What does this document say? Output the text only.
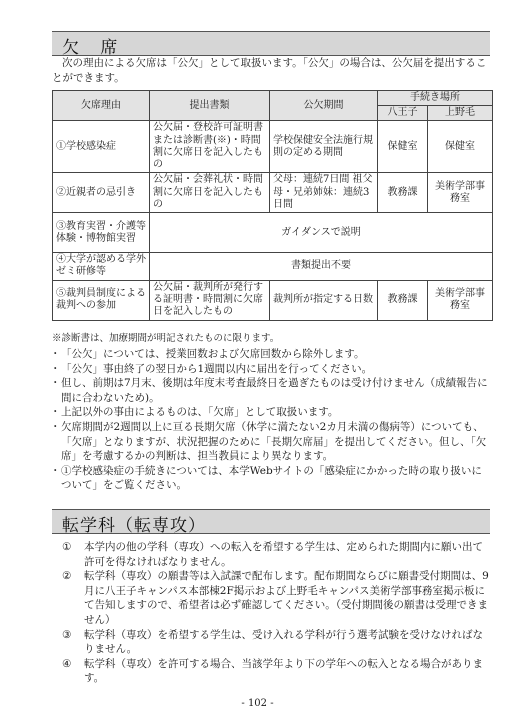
欠 席

次の理由による欠席は「公欠」として取扱います。「公欠」の場合は、公欠届を提出することができます。

欠席理由	提出書類	公欠期間	手続き場所	
			八王子	上野毛
①学校感染症	公欠届・登校許可証明書または診断書(※)・時間割に欠席日を記入したもの	学校保健安全法施行規則の定める期間	保健室	保健室
②近親者の忌引き	公欠届・会葬礼状・時間割に欠席日を記入したもの	父母：連続7日間 祖父母・兄弟姉妹：連続3日間	教務課	美術学部事務室
③教育実習・介護等体験・博物館実習	ガイダンスで説明			
④大学が認める学外ゼミ研修等	書類提出不要			
⑤裁判員制度による裁判への参加	公欠届・裁判所が発行する証明書・時間割に欠席日を記入したもの	裁判所が指定する日数	教務課	美術学部事務室
※診断書は、加療期間が明記されたものに限ります。
・ 「公欠」については、授業回数および欠席回数から除外します。
・ 「公欠」事由終了の翌日から1週間以内に届出を行ってください。
・ 但し、前期は7月末、後期は年度末考査最終日を過ぎたものは受け付けません（成績報告に間に合わないため)。
・ 上記以外の事由によるものは、「欠席」として取扱います。
・ 欠席期間が2週間以上に亘る長期欠席（休学に満たない2カ月未満の傷病等）についても、「欠席」となりますが、状況把握のために「長期欠席届」を提出してください。但し、「欠席」を考慮するかの判断は、担当教員により異なります。
・ ①学校感染症の手続きについては、本学Webサイトの「感染症にかかった時の取り扱いについて」をご覧ください。
転学科（転専攻）
① 本学内の他の学科（専攻）への転入を希望する学生は、定められた期間内に願い出て許可を得なければなりません。
② 転学科（専攻）の願書等は入試課で配布します。配布期間ならびに願書受付期間は、9月に八王子キャンパス本部棟2F掲示および上野毛キャンパス美術学部事務室掲示板にて告知しますので、希望者は必ず確認してください。（受付期間後の願書は受理できません）
③ 転学科（専攻）を希望する学生は、受け入れる学科が行う選考試験を受けなければなりません。
④ 転学科（専攻）を許可する場合、当該学年より下の学年への転入となる場合があります。
- 102 -
